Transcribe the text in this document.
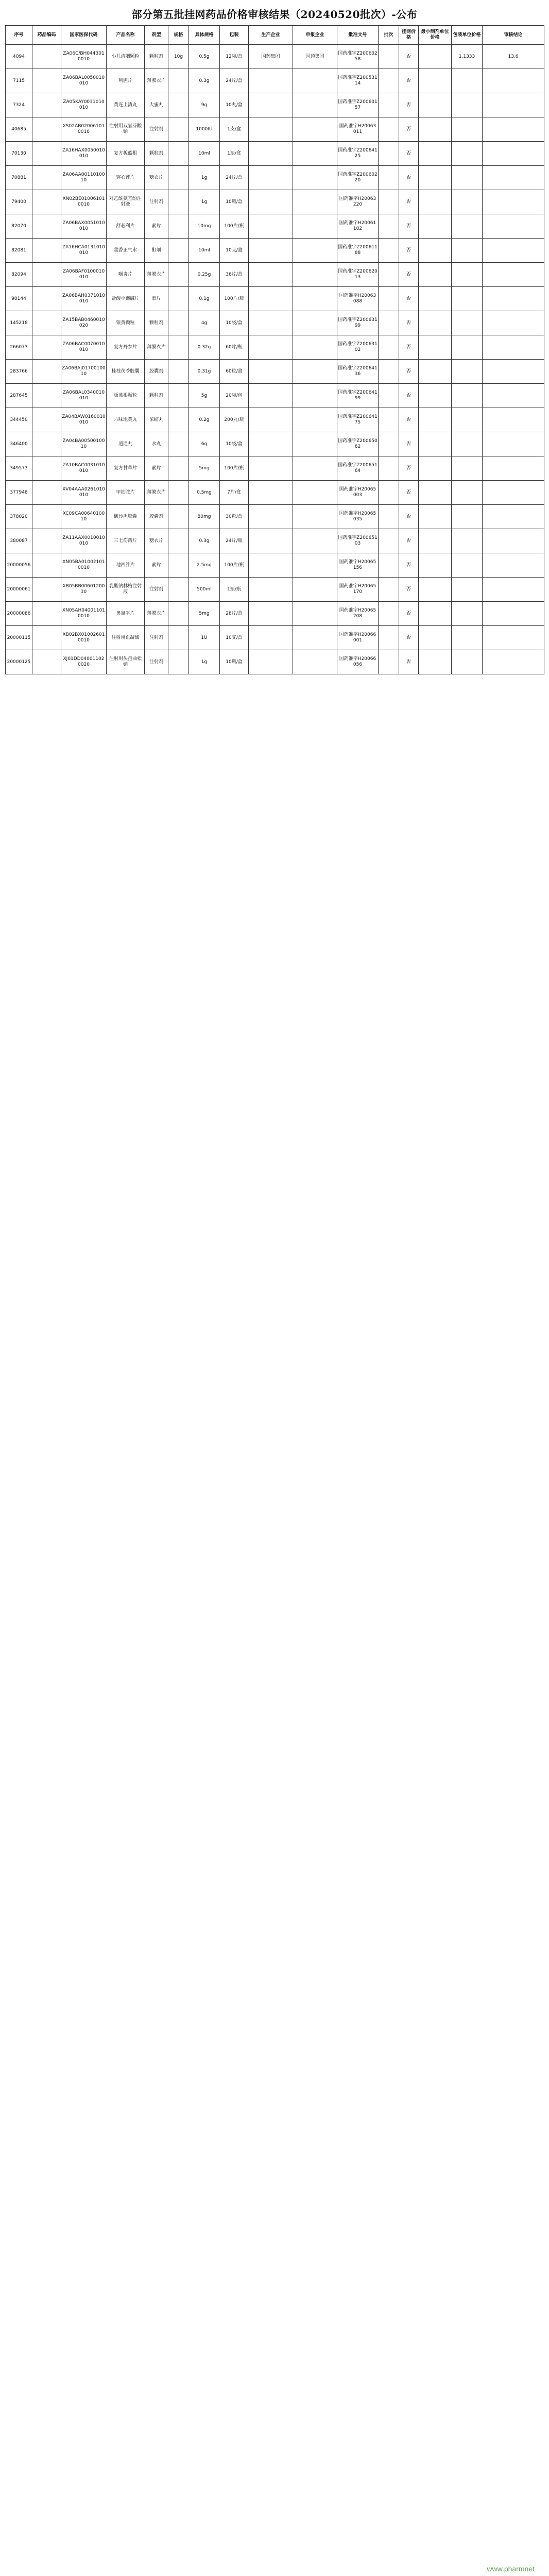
部分第五批挂网药品价格审核结果（20240520批次）-公布
序号	药品编码	国家医保代码	产品名称	剂型	规格	具体规格	包装	生产企业	申报企业	批准文号	批次	挂网价格	最小制剂单位价格	包装单位价格	审核结论	
4094		ZA06C/BH0443010010	小儿清咽颗粒	颗粒剂	10g	0.5g	12袋/盒	国药集团	国药集团	国药准字Z20060258		否		1.1333	13.6	
7115		ZA06BAL0050010010	利胆片	薄膜衣片		0.3g	24片/盒			国药准字Z20053114		否				
7324		ZA05KAY0031010010	黄连上清丸	大蜜丸		9g	10丸/盒			国药准字Z20060157		否				
40685		XS02AB020061010010	注射用双氯芬酸钠	注射剂		1000IU	1支/盒			国药准字H20063011		否				
70130		ZA16HAX0050010010	复方板蓝根	颗粒剂		10ml	1瓶/盒			国药准字Z20064125		否				
70881		ZA06AA0011010010	穿心莲片	糖衣片		1g	24片/盒			国药准字Z20060220		否				
79400		XN02BE010061010010	对乙酰氨基酚注射液	注射剂		1g	10瓶/盒			国药准字H20063220		否				
82070		ZA06BAX0051010010	舒必利片	素片		10mg	100片/瓶			国药准字H20061102		否				
82081		ZA16HCA0131010010	藿香正气水	酊剂		10ml	10支/盒			国药准字Z20061188		否				
82094		ZA06BAF0100010010	咽炎片	薄膜衣片		0.25g	36片/盒			国药准字Z20062013		否				
90144		ZA06BAH0371010010	盐酸小檗碱片	素片		0.1g	100片/瓶			国药准字H20063088		否				
145218		ZA15BAB0460010020	银黄颗粒	颗粒剂		4g	10袋/盒			国药准字Z20063199		否				
266073		ZA06BAC0070010010	复方丹参片	薄膜衣片		0.32g	60片/瓶			国药准字Z20063102		否				
283766		ZA06BAJ0170010010	桂枝茯苓胶囊	胶囊剂		0.31g	60粒/盒			国药准字Z20064136		否				
287645		ZA06BAL0340010010	板蓝根颗粒	颗粒剂		5g	20袋/包			国药准字Z20064199		否				
344450		ZA04BAW0160010010	六味地黄丸	浓缩丸		0.2g	200丸/瓶			国药准字Z20064175		否				
346400		ZA04BA0050010010	逍遥丸	水丸		6g	10袋/盒			国药准字Z20065062		否				
349573		ZA10BAC0031010010	复方甘草片	素片		5mg	100片/瓶			国药准字Z20065164		否				
377948		XV04AAA0261010010	甲钴胺片	薄膜衣片		0.5mg	7片/盒			国药准字H20065003		否				
378020		XC09CA0064010010	缬沙坦胶囊	胶囊剂		80mg	30粒/盒			国药准字H20065035		否				
380087		ZA11AAX0010010010	三七伤药片	糖衣片		0.3g	24片/瓶			国药准字Z20065103		否				
20000056		XN05BA010021010010	地西泮片	素片		2.5mg	100片/瓶			国药准字H20065156		否				
20000061		XB05BB0060120030	乳酸钠林格注射液	注射剂		500ml	1瓶/瓶			国药准字H20065170		否				
20000086		XN05AH040011010010	奥氮平片	薄膜衣片		5mg	28片/盒			国药准字H20065208		否				
20000115		XB02BX010026010010	注射用血凝酶	注射剂		1U	10支/盒			国药准字H20066001		否				
20000125		XJ01DD040011020020	注射用头孢曲松钠	注射剂		1g	10瓶/盒			国药准字H20066056		否				
www.pharmnet
